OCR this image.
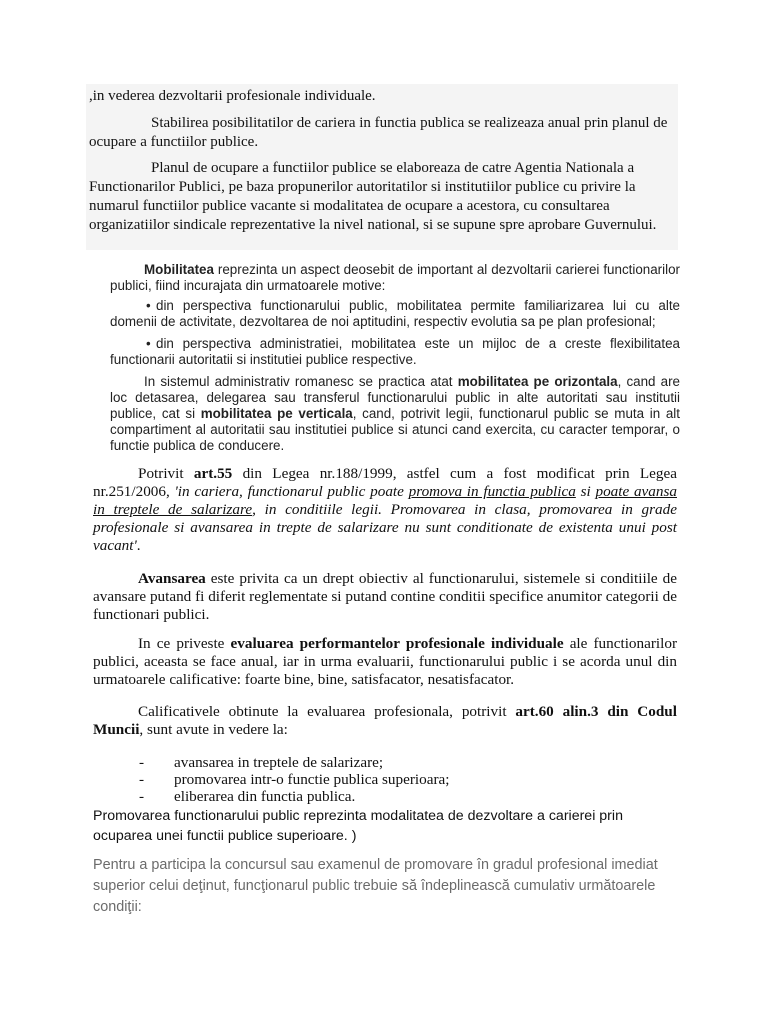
,in vederea dezvoltarii profesionale individuale.

Stabilirea posibilitatilor de cariera in functia publica se realizeaza anual prin planul de ocupare a functiilor publice.

Planul de ocupare a functiilor publice se elaboreaza de catre Agentia Nationala a Functionarilor Publici, pe baza propunerilor autoritatilor si institutiilor publice cu privire la numarul functiilor publice vacante si modalitatea de ocupare a acestora, cu consultarea organizatiilor sindicale reprezentative la nivel national, si se supune spre aprobare Guvernului.

Mobilitatea reprezinta un aspect deosebit de important al dezvoltarii carierei functionarilor publici, fiind incurajata din urmatoarele motive:

• din perspectiva functionarului public, mobilitatea permite familiarizarea lui cu alte domenii de activitate, dezvoltarea de noi aptitudini, respectiv evolutia sa pe plan profesional;

• din perspectiva administratiei, mobilitatea este un mijloc de a creste flexibilitatea functionarii autoritatii si institutiei publice respective.

In sistemul administrativ romanesc se practica atat mobilitatea pe orizontala, cand are loc detasarea, delegarea sau transferul functionarului public in alte autoritati sau institutii publice, cat si mobilitatea pe verticala, cand, potrivit legii, functionarul public se muta in alt compartiment al autoritatii sau institutiei publice si atunci cand exercita, cu caracter temporar, o functie publica de conducere.

Potrivit art.55 din Legea nr.188/1999, astfel cum a fost modificat prin Legea nr.251/2006, 'in cariera, functionarul public poate promova in functia publica si poate avansa in treptele de salarizare, in conditiile legii. Promovarea in clasa, promovarea in grade profesionale si avansarea in trepte de salarizare nu sunt conditionate de existenta unui post vacant'.

Avansarea este privita ca un drept obiectiv al functionarului, sistemele si conditiile de avansare putand fi diferit reglementate si putand contine conditii specifice anumitor categorii de functionari publici.

In ce priveste evaluarea performantelor profesionale individuale ale functionarilor publici, aceasta se face anual, iar in urma evaluarii, functionarului public i se acorda unul din urmatoarele calificative: foarte bine, bine, satisfacator, nesatisfacator.

Calificativele obtinute la evaluarea profesionala, potrivit art.60 alin.3 din Codul Muncii, sunt avute in vedere la:

- avansarea in treptele de salarizare;
- promovarea intr-o functie publica superioara;
- eliberarea din functia publica.

Promovarea functionarului public reprezinta modalitatea de dezvoltare a carierei prin ocuparea unei functii publice superioare. )

Pentru a participa la concursul sau examenul de promovare în gradul profesional imediat superior celui deţinut, funcţionarul public trebuie să îndeplinească cumulativ următoarele condiţii:
